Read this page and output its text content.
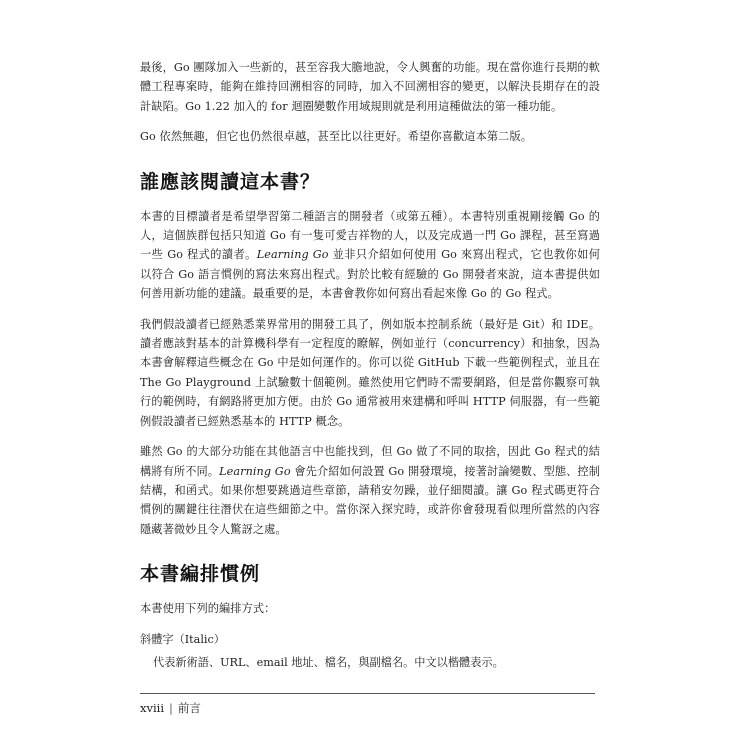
最後，Go 團隊加入一些新的，甚至容我大膽地說，令人興奮的功能。現在當你進行長期的軟體工程專案時，能夠在維持回溯相容的同時，加入不回溯相容的變更，以解決長期存在的設計缺陷。Go 1.22 加入的 for 迴圈變數作用域規則就是利用這種做法的第一種功能。

Go 依然無趣，但它也仍然很卓越，甚至比以往更好。希望你喜歡這本第二版。

誰應該閱讀這本書？

本書的目標讀者是希望學習第二種語言的開發者（或第五種）。本書特別重視剛接觸 Go 的人，這個族群包括只知道 Go 有一隻可愛吉祥物的人，以及完成過一門 Go 課程，甚至寫過一些 Go 程式的讀者。Learning Go 並非只介紹如何使用 Go 來寫出程式，它也教你如何以符合 Go 語言慣例的寫法來寫出程式。對於比較有經驗的 Go 開發者來說，這本書提供如何善用新功能的建議。最重要的是，本書會教你如何寫出看起來像 Go 的 Go 程式。

我們假設讀者已經熟悉業界常用的開發工具了，例如版本控制系統（最好是 Git）和 IDE。讀者應該對基本的計算機科學有一定程度的瞭解，例如並行（concurrency）和抽象，因為本書會解釋這些概念在 Go 中是如何運作的。你可以從 GitHub 下載一些範例程式，並且在 The Go Playground 上試驗數十個範例。雖然使用它們時不需要網路，但是當你觀察可執行的範例時，有網路將更加方便。由於 Go 通常被用來建構和呼叫 HTTP 伺服器，有一些範例假設讀者已經熟悉基本的 HTTP 概念。

雖然 Go 的大部分功能在其他語言中也能找到，但 Go 做了不同的取捨，因此 Go 程式的結構將有所不同。Learning Go 會先介紹如何設置 Go 開發環境，接著討論變數、型態、控制結構，和函式。如果你想要跳過這些章節，請稍安勿躁，並仔細閱讀。讓 Go 程式碼更符合慣例的關鍵往往潛伏在這些細節之中。當你深入探究時，或許你會發現看似理所當然的內容隱藏著微妙且令人驚訝之處。

本書編排慣例

本書使用下列的編排方式：

斜體字（Italic）

代表新術語、URL、email 地址、檔名，與副檔名。中文以楷體表示。

xviii | 前言
